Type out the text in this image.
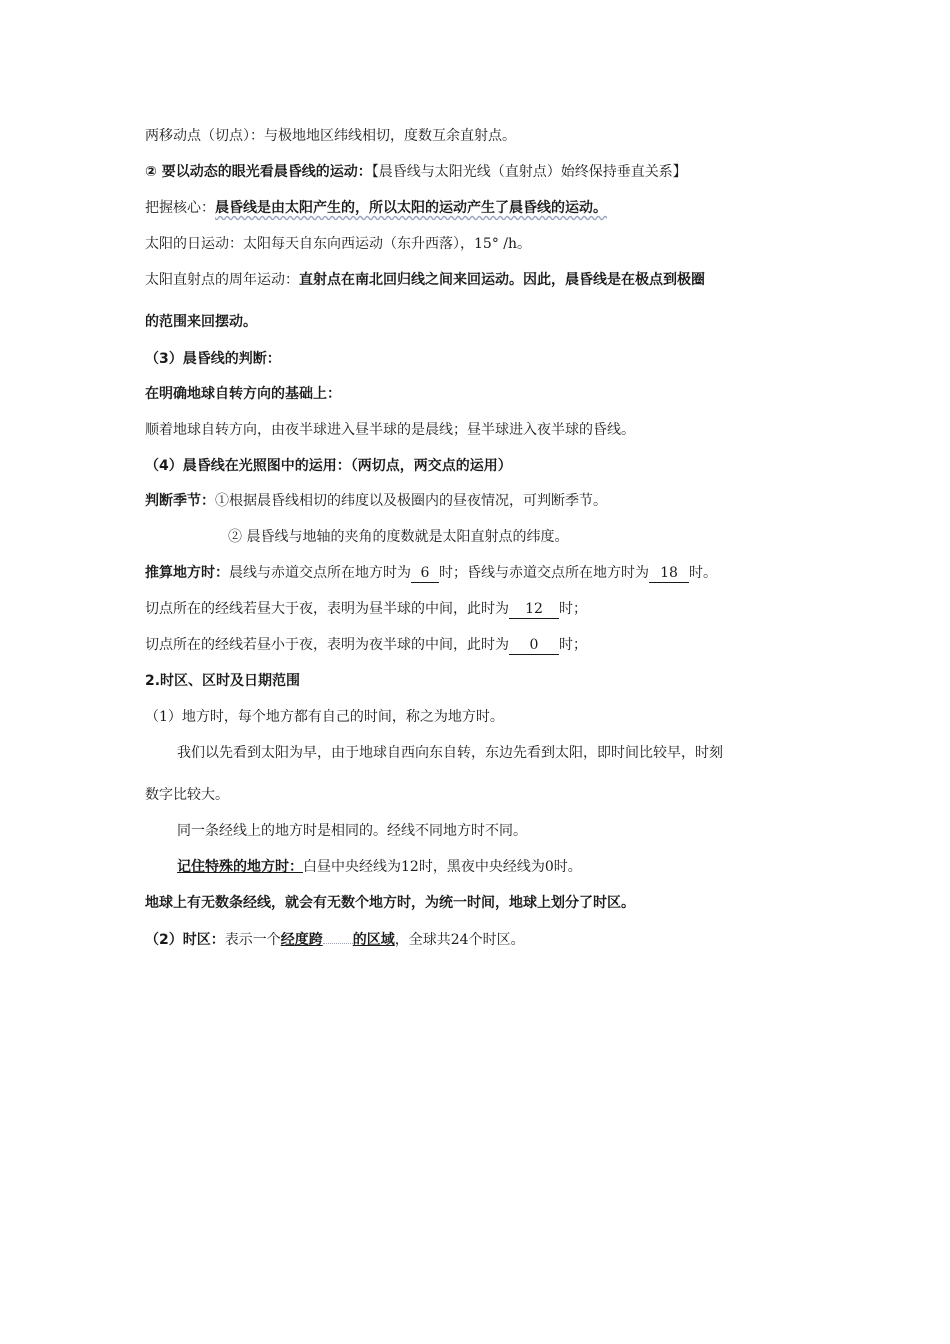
两移动点（切点）：与极地地区纬线相切，度数互余直射点。
② 要以动态的眼光看晨昏线的运动：【晨昏线与太阳光线（直射点）始终保持垂直关系】
把握核心：晨昏线是由太阳产生的，所以太阳的运动产生了晨昏线的运动。
太阳的日运动：太阳每天自东向西运动（东升西落），15° /h。
太阳直射点的周年运动：直射点在南北回归线之间来回运动。因此，晨昏线是在极点到极圈
的范围来回摆动。
（3）晨昏线的判断：
在明确地球自转方向的基础上：
顺着地球自转方向，由夜半球进入昼半球的是晨线；昼半球进入夜半球的昏线。
（4）晨昏线在光照图中的运用：（两切点，两交点的运用）
判断季节：①根据晨昏线相切的纬度以及极圈内的昼夜情况，可判断季节。
② 晨昏线与地轴的夹角的度数就是太阳直射点的纬度。
推算地方时：晨线与赤道交点所在地方时为 6 时；昏线与赤道交点所在地方时为 18 时。
切点所在的经线若昼大于夜，表明为昼半球的中间，此时为 12 时；
切点所在的经线若昼小于夜，表明为夜半球的中间，此时为 0 时；
2.时区、区时及日期范围
（1）地方时，每个地方都有自己的时间，称之为地方时。
我们以先看到太阳为早，由于地球自西向东自转，东边先看到太阳，即时间比较早，时刻
数字比较大。
同一条经线上的地方时是相同的。经线不同地方时不同。
记住特殊的地方时：白昼中央经线为12时，黑夜中央经线为0时。
地球上有无数条经线，就会有无数个地方时，为统一时间，地球上划分了时区。
（2）时区：表示一个经度跨 的区域，全球共24个时区。
